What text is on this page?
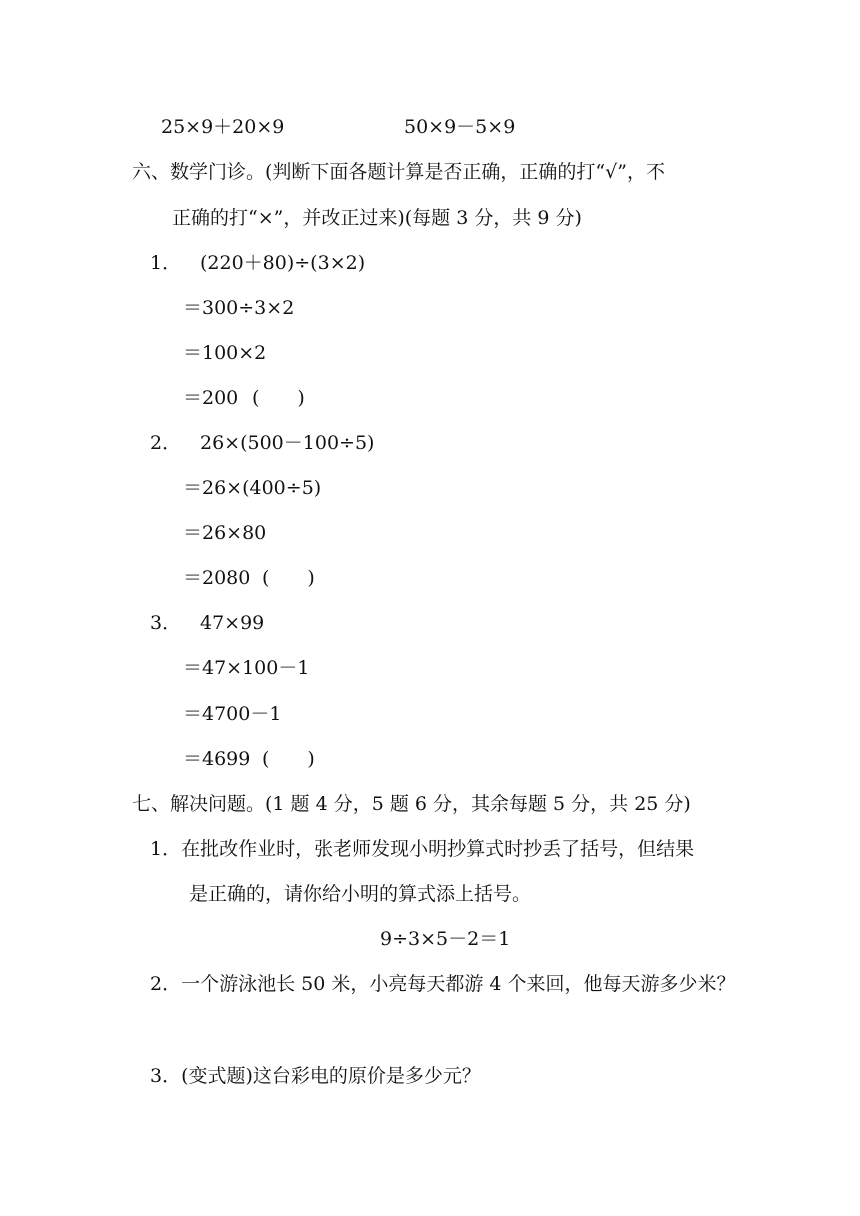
25×9＋20×9	50×9－5×9
六、数学门诊。(判断下面各题计算是否正确，正确的打“√”，不
正确的打“×”，并改正过来)(每题 3 分，共 9 分)
1． (220＋80)÷(3×2)
＝300÷3×2
＝100×2
＝200 (　　)
2． 26×(500－100÷5)
＝26×(400÷5)
＝26×80
＝2080 (　　)
3． 47×99
＝47×100－1
＝4700－1
＝4699 (　　)
七、解决问题。(1 题 4 分，5 题 6 分，其余每题 5 分，共 25 分)
1．在批改作业时，张老师发现小明抄算式时抄丢了括号，但结果
是正确的，请你给小明的算式添上括号。
9÷3×5－2＝1
2．一个游泳池长 50 米，小亮每天都游 4 个来回，他每天游多少米？
3．(变式题)这台彩电的原价是多少元？
